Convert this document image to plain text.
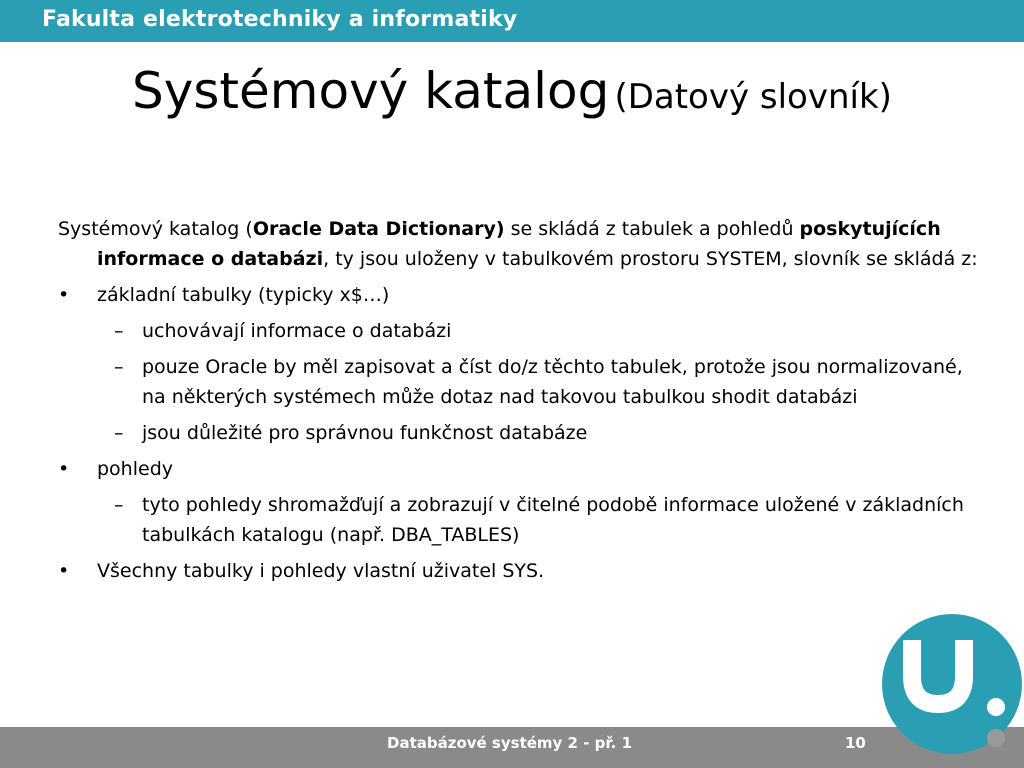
Fakulta elektrotechniky a informatiky
Systémový katalog (Datový slovník)
Systémový katalog (Oracle Data Dictionary) se skládá z tabulek a pohledů poskytujících informace o databázi, ty jsou uloženy v tabulkovém prostoru SYSTEM, slovník se skládá z:
• základní tabulky (typicky x$…)
– uchovávají informace o databázi
– pouze Oracle by měl zapisovat a číst do/z těchto tabulek, protože jsou normalizované, na některých systémech může dotaz nad takovou tabulkou shodit databázi
– jsou důležité pro správnou funkčnost databáze
• pohledy
– tyto pohledy shromažďují a zobrazují v čitelné podobě informace uložené v základních tabulkách katalogu (např. DBA_TABLES)
• Všechny tabulky i pohledy vlastní uživatel SYS.
Databázové systémy 2 - př. 1	10
